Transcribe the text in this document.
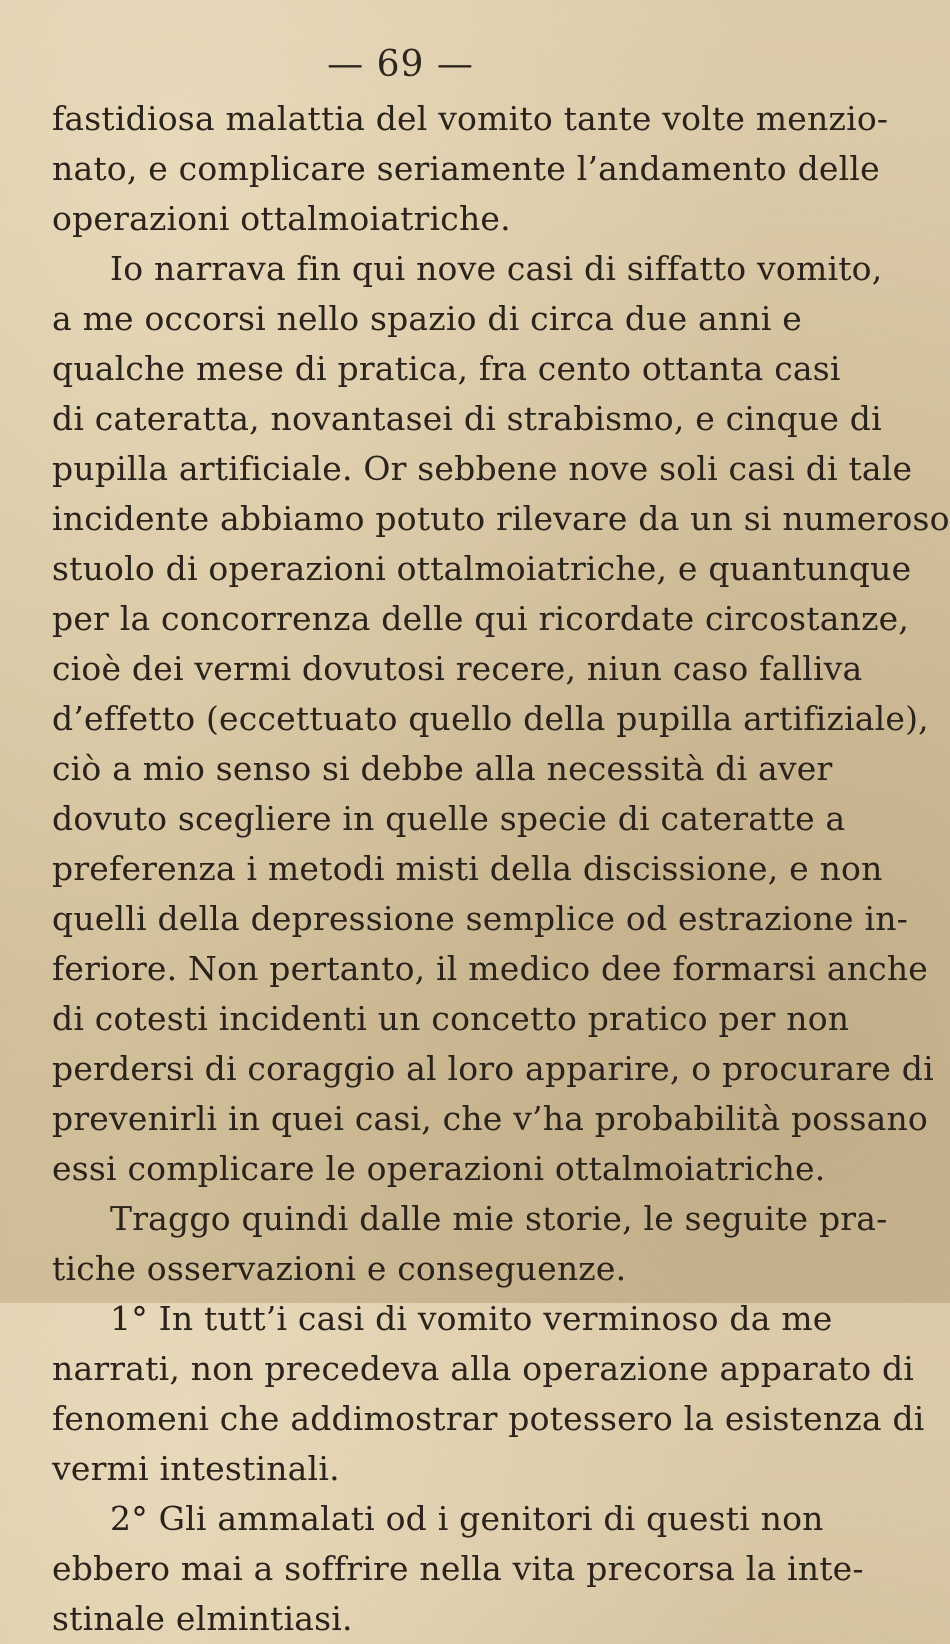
— 69 —
fastidiosa malattia del vomito tante volte menzio-
nato, e complicare seriamente l’andamento delle
operazioni ottalmoiatriche.
Io narrava fin qui nove casi di siffatto vomito,
a me occorsi nello spazio di circa due anni e
qualche mese di pratica, fra cento ottanta casi
di cateratta, novantasei di strabismo, e cinque di
pupilla artificiale. Or sebbene nove soli casi di tale
incidente abbiamo potuto rilevare da un si numeroso
stuolo di operazioni ottalmoiatriche, e quantunque
per la concorrenza delle qui ricordate circostanze,
cioè dei vermi dovutosi recere, niun caso falliva
d’effetto (eccettuato quello della pupilla artifiziale),
ciò a mio senso si debbe alla necessità di aver
dovuto scegliere in quelle specie di cateratte a
preferenza i metodi misti della discissione, e non
quelli della depressione semplice od estrazione in-
feriore. Non pertanto, il medico dee formarsi anche
di cotesti incidenti un concetto pratico per non
perdersi di coraggio al loro apparire, o procurare di
prevenirli in quei casi, che v’ha probabilità possano
essi complicare le operazioni ottalmoiatriche.
Traggo quindi dalle mie storie, le seguite pra-
tiche osservazioni e conseguenze.
1° In tutt’i casi di vomito verminoso da me
narrati, non precedeva alla operazione apparato di
fenomeni che addimostrar potessero la esistenza di
vermi intestinali.
2° Gli ammalati od i genitori di questi non
ebbero mai a soffrire nella vita precorsa la inte-
stinale elmintiasi.
